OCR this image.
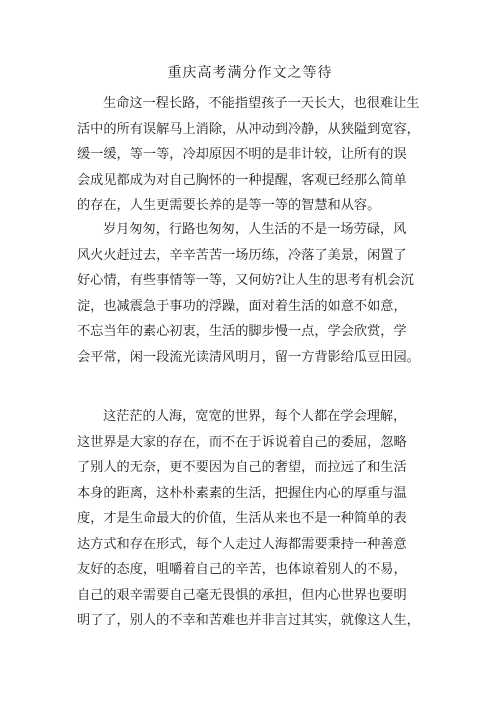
重庆高考满分作文之等待
生命这一程长路，不能指望孩子一天长大，也很难让生
活中的所有误解马上消除，从冲动到冷静，从狭隘到宽容，
缓一缓，等一等，冷却原因不明的是非计较，让所有的误
会成见都成为对自己胸怀的一种提醒，客观已经那么简单
的存在，人生更需要长养的是等一等的智慧和从容。
岁月匆匆，行路也匆匆，人生活的不是一场劳碌，风
风火火赶过去，辛辛苦苦一场历练，冷落了美景，闲置了
好心情，有些事情等一等，又何妨?让人生的思考有机会沉
淀，也减震急于事功的浮躁，面对着生活的如意不如意，
不忘当年的素心初衷，生活的脚步慢一点，学会欣赏，学
会平常，闲一段流光读清风明月，留一方背影给瓜豆田园。
这茫茫的人海，宽宽的世界，每个人都在学会理解，
这世界是大家的存在，而不在于诉说着自己的委屈，忽略
了别人的无奈，更不要因为自己的奢望，而拉远了和生活
本身的距离，这朴朴素素的生活，把握住内心的厚重与温
度，才是生命最大的价值，生活从来也不是一种简单的表
达方式和存在形式，每个人走过人海都需要秉持一种善意
友好的态度，咀嚼着自己的辛苦，也体谅着别人的不易，
自己的艰辛需要自己毫无畏惧的承担，但内心世界也要明
明了了，别人的不幸和苦难也并非言过其实，就像这人生，
